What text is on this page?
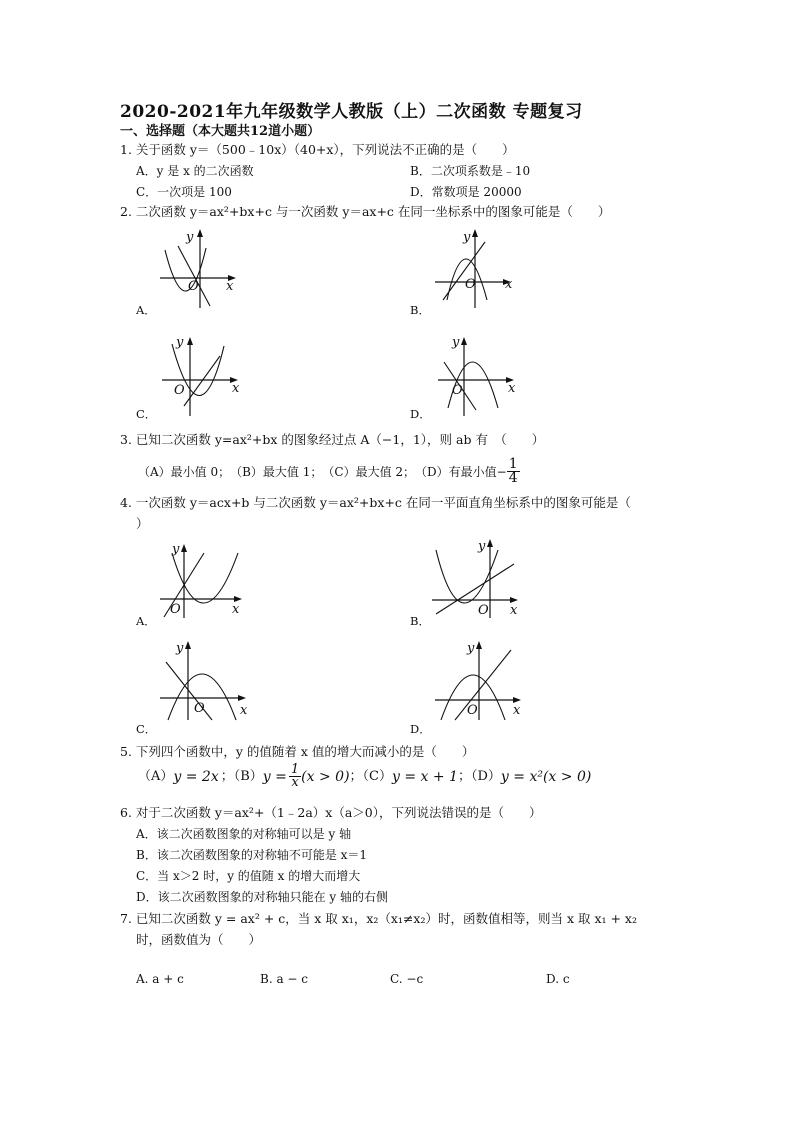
2020-2021年九年级数学人教版（上）二次函数 专题复习
一、选择题（本大题共12道小题）
1. 关于函数 y＝（500﹣10x）（40+x），下列说法不正确的是（　　）
A．y 是 x 的二次函数	B．二次项系数是﹣10
C．一次项是 100	D．常数项是 20000
2. 二次函数 y＝ax²+bx+c 与一次函数 y＝ax+c 在同一坐标系中的图象可能是（　　）
y
x
O
A．
y
x
O
B．
y
x
O
C．
y
x
O
D．
3. 已知二次函数 y=ax²+bx 的图象经过点 A（−1，1），则 ab 有　（　　）
（A）最小值 0；　（B）最大值 1；　（C）最大值 2；　（D）有最小值− $\frac{1}{4}$
4. 一次函数 y＝acx+b 与二次函数 y＝ax²+bx+c 在同一平面直角坐标系中的图象可能是（
）
y
x
O
A．
y
x
O
B．
y
x
O
C．
y
x
O
D．
5. 下列四个函数中，y 的值随着 x 值的增大而减小的是（　　）
（A） y = 2x ；（B） $y = \frac{1}{x} (x > 0)$ ；（C） y = x + 1 ；（D） y = x²(x > 0)
6. 对于二次函数 y＝ax²+（1﹣2a）x（a＞0），下列说法错误的是（　　）
A．该二次函数图象的对称轴可以是 y 轴
B．该二次函数图象的对称轴不可能是 x＝1
C．当 x＞2 时，y 的值随 x 的增大而增大
D．该二次函数图象的对称轴只能在 y 轴的右侧
7. 已知二次函数 y = ax² + c，当 x 取 x₁，x₂（x₁≠x₂）时，函数值相等，则当 x 取 x₁ + x₂
时，函数值为（　　）
A. a + c	B. a − c	C. −c	D. c
